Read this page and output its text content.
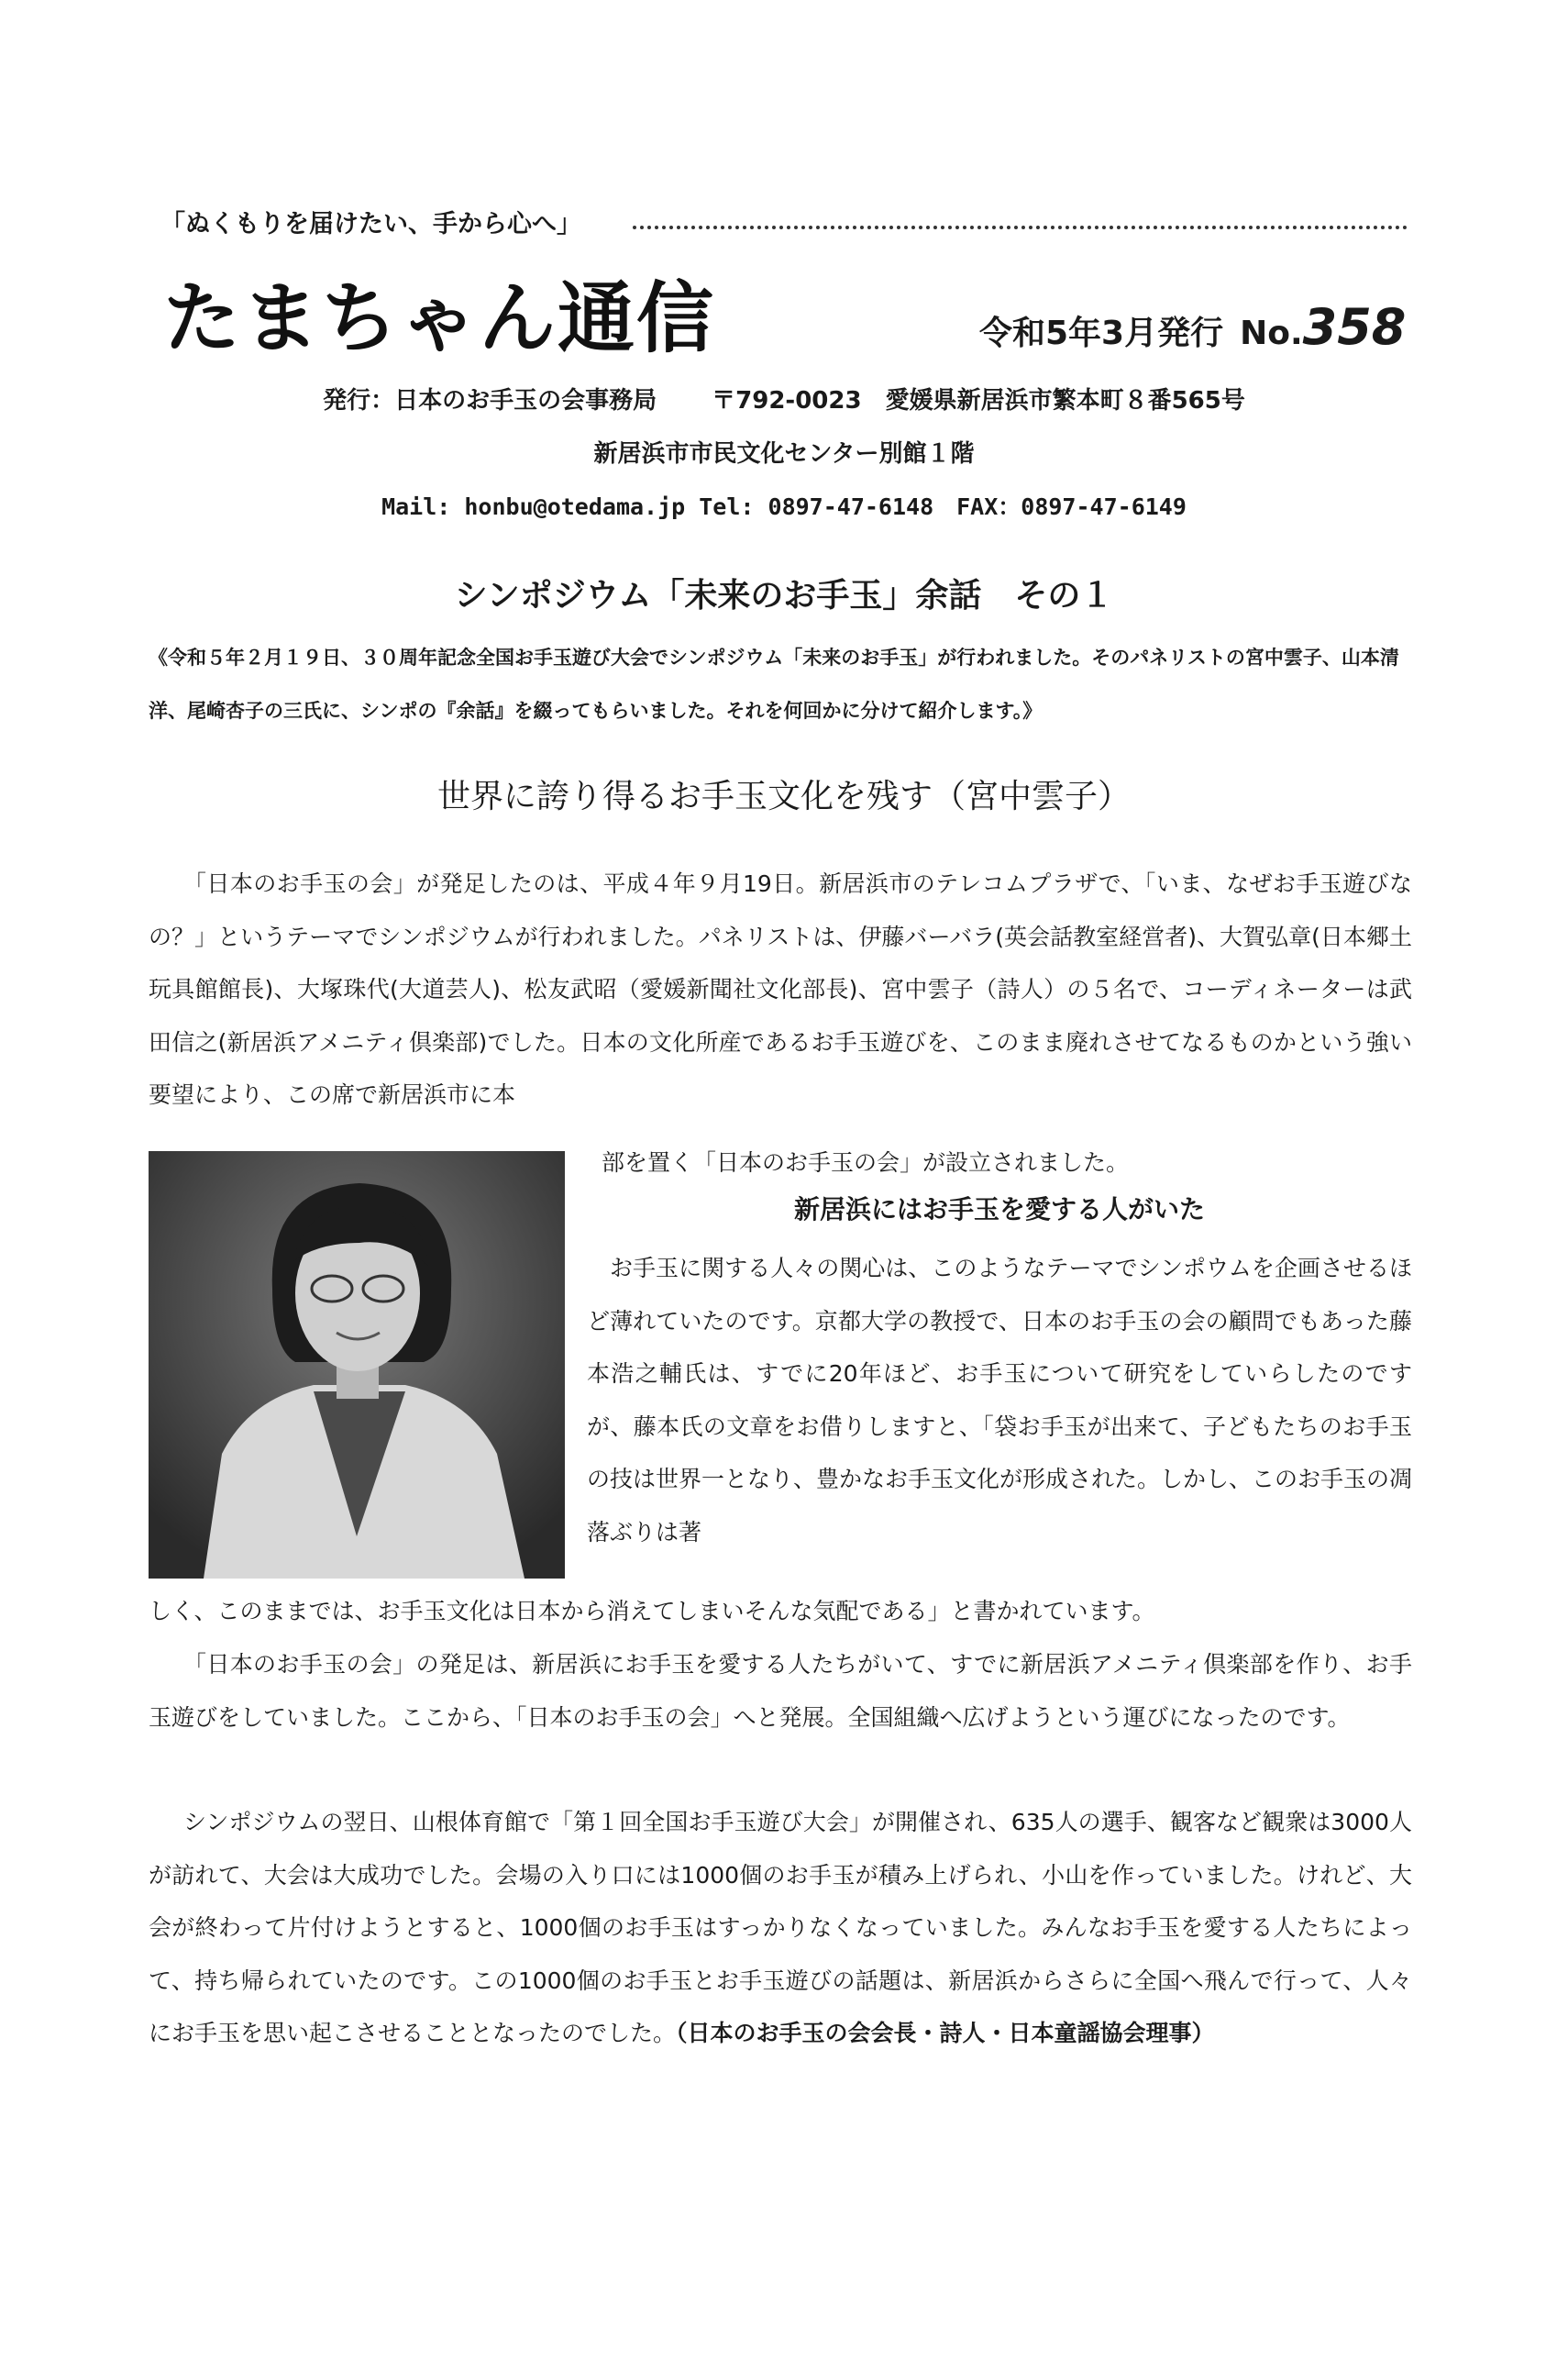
「ぬくもりを届けたい、手から心へ」
たまちゃん通信	令和5年3月発行 No.358
発行：日本のお手玉の会事務局 〒792-0023　愛媛県新居浜市繁本町８番565号
新居浜市市民文化センター別館１階
Mail: honbu@otedama.jp Tel: 0897-47-6148　FAX：0897-47-6149
シンポジウム「未来のお手玉」余話　その１
《令和５年２月１９日、３０周年記念全国お手玉遊び大会でシンポジウム「未来のお手玉」が行われました。そのパネリストの宮中雲子、山本清洋、尾崎杏子の三氏に、シンポの『余話』を綴ってもらいました。それを何回かに分けて紹介します。》
世界に誇り得るお手玉文化を残す（宮中雲子）
「日本のお手玉の会」が発足したのは、平成４年９月19日。新居浜市のテレコムプラザで、「いま、なぜお手玉遊びなの？」というテーマでシンポジウムが行われました。パネリストは、伊藤バーバラ(英会話教室経営者)、大賀弘章(日本郷土玩具館館長)、大塚珠代(大道芸人)、松友武昭（愛媛新聞社文化部長)、宮中雲子（詩人）の５名で、コーディネーターは武田信之(新居浜アメニティ倶楽部)でした。日本の文化所産であるお手玉遊びを、このまま廃れさせてなるものかという強い要望により、この席で新居浜市に本
部を置く「日本のお手玉の会」が設立されました。
新居浜にはお手玉を愛する人がいた
お手玉に関する人々の関心は、このようなテーマでシンポウムを企画させるほど薄れていたのです。京都大学の教授で、日本のお手玉の会の顧問でもあった藤本浩之輔氏は、すでに20年ほど、お手玉について研究をしていらしたのですが、藤本氏の文章をお借りしますと、「袋お手玉が出来て、子どもたちのお手玉の技は世界一となり、豊かなお手玉文化が形成された。しかし、このお手玉の凋落ぶりは著
しく、このままでは、お手玉文化は日本から消えてしまいそんな気配である」と書かれています。
「日本のお手玉の会」の発足は、新居浜にお手玉を愛する人たちがいて、すでに新居浜アメニティ倶楽部を作り、お手玉遊びをしていました。ここから、「日本のお手玉の会」へと発展。全国組織へ広げようという運びになったのです。
シンポジウムの翌日、山根体育館で「第１回全国お手玉遊び大会」が開催され、635人の選手、観客など観衆は3000人が訪れて、大会は大成功でした。会場の入り口には1000個のお手玉が積み上げられ、小山を作っていました。けれど、大会が終わって片付けようとすると、1000個のお手玉はすっかりなくなっていました。みんなお手玉を愛する人たちによって、持ち帰られていたのです。この1000個のお手玉とお手玉遊びの話題は、新居浜からさらに全国へ飛んで行って、人々にお手玉を思い起こさせることとなったのでした。（日本のお手玉の会会長・詩人・日本童謡協会理事）
